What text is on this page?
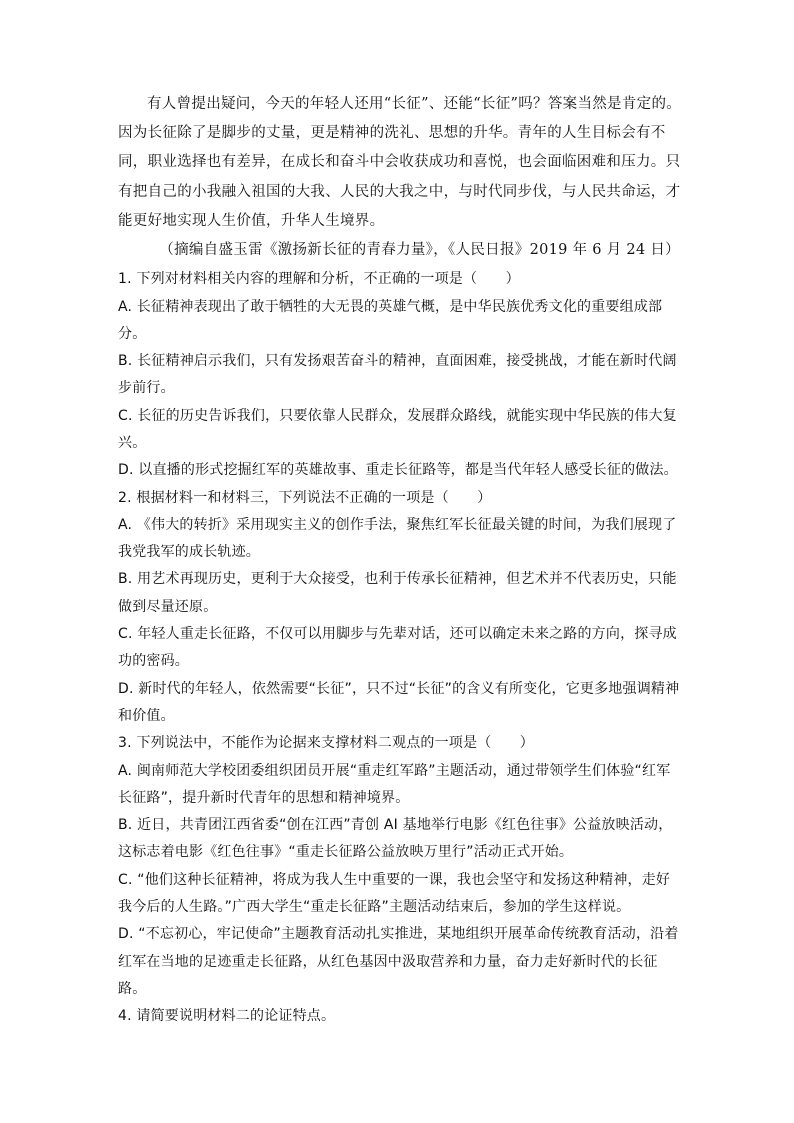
有人曾提出疑问，今天的年轻人还用“长征”、还能“长征”吗？答案当然是肯定的。因为长征除了是脚步的丈量，更是精神的洗礼、思想的升华。青年的人生目标会有不同，职业选择也有差异，在成长和奋斗中会收获成功和喜悦，也会面临困难和压力。只有把自己的小我融入祖国的大我、人民的大我之中，与时代同步伐，与人民共命运，才能更好地实现人生价值，升华人生境界。

（摘编自盛玉雷《激扬新长征的青春力量》，《人民日报》2019 年 6 月 24 日）

1. 下列对材料相关内容的理解和分析，不正确的一项是（　　）

A. 长征精神表现出了敢于牺牲的大无畏的英雄气概，是中华民族优秀文化的重要组成部分。

B. 长征精神启示我们，只有发扬艰苦奋斗的精神，直面困难，接受挑战，才能在新时代阔步前行。

C. 长征的历史告诉我们，只要依靠人民群众，发展群众路线，就能实现中华民族的伟大复兴。

D. 以直播的形式挖掘红军的英雄故事、重走长征路等，都是当代年轻人感受长征的做法。

2. 根据材料一和材料三，下列说法不正确的一项是（　　）

A. 《伟大的转折》采用现实主义的创作手法，聚焦红军长征最关键的时间，为我们展现了我党我军的成长轨迹。

B. 用艺术再现历史，更利于大众接受，也利于传承长征精神，但艺术并不代表历史，只能做到尽量还原。

C. 年轻人重走长征路，不仅可以用脚步与先辈对话，还可以确定未来之路的方向，探寻成功的密码。

D. 新时代的年轻人，依然需要“长征”，只不过“长征”的含义有所变化，它更多地强调精神和价值。

3. 下列说法中，不能作为论据来支撑材料二观点的一项是（　　）

A. 闽南师范大学校团委组织团员开展“重走红军路”主题活动，通过带领学生们体验“红军长征路”，提升新时代青年的思想和精神境界。

B. 近日，共青团江西省委“创在江西”青创 AI 基地举行电影《红色往事》公益放映活动，这标志着电影《红色往事》“重走长征路公益放映万里行”活动正式开始。

C. “他们这种长征精神，将成为我人生中重要的一课，我也会坚守和发扬这种精神，走好我今后的人生路。”广西大学生“重走长征路”主题活动结束后，参加的学生这样说。

D. “不忘初心，牢记使命”主题教育活动扎实推进，某地组织开展革命传统教育活动，沿着红军在当地的足迹重走长征路，从红色基因中汲取营养和力量，奋力走好新时代的长征路。

4. 请简要说明材料二的论证特点。
